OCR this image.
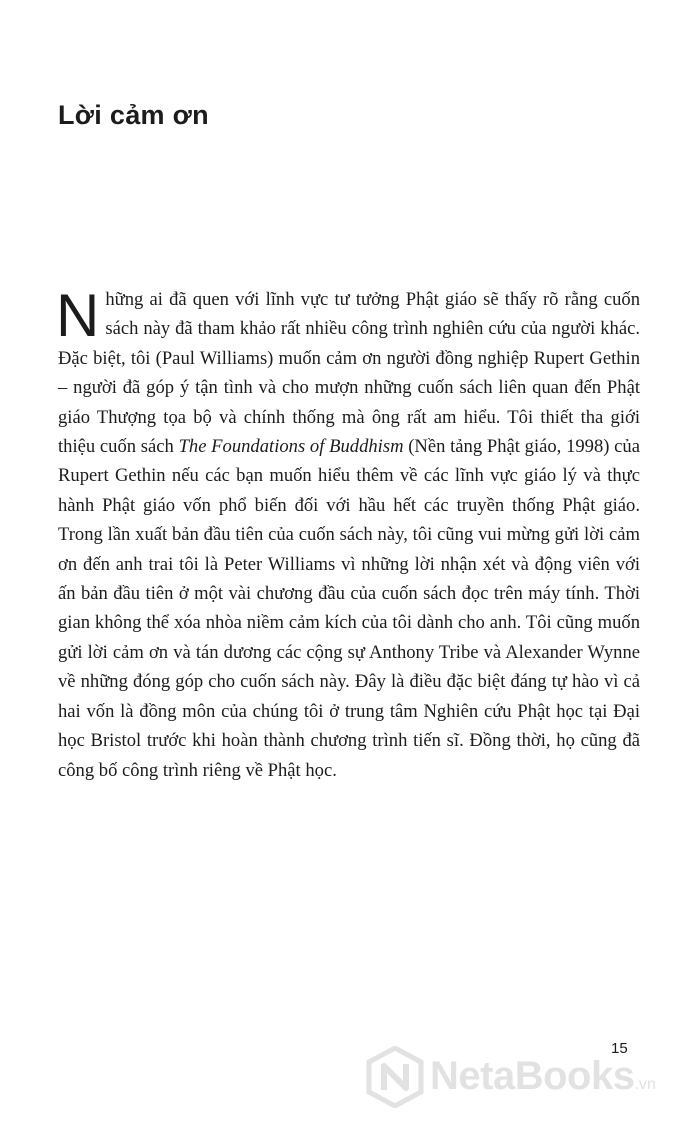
Lời cảm ơn

Những ai đã quen với lĩnh vực tư tưởng Phật giáo sẽ thấy rõ rằng cuốn sách này đã tham khảo rất nhiều công trình nghiên cứu của người khác. Đặc biệt, tôi (Paul Williams) muốn cảm ơn người đồng nghiệp Rupert Gethin – người đã góp ý tận tình và cho mượn những cuốn sách liên quan đến Phật giáo Thượng tọa bộ và chính thống mà ông rất am hiểu. Tôi thiết tha giới thiệu cuốn sách The Foundations of Buddhism (Nền tảng Phật giáo, 1998) của Rupert Gethin nếu các bạn muốn hiểu thêm về các lĩnh vực giáo lý và thực hành Phật giáo vốn phổ biến đối với hầu hết các truyền thống Phật giáo. Trong lần xuất bản đầu tiên của cuốn sách này, tôi cũng vui mừng gửi lời cảm ơn đến anh trai tôi là Peter Williams vì những lời nhận xét và động viên với ấn bản đầu tiên ở một vài chương đầu của cuốn sách đọc trên máy tính. Thời gian không thể xóa nhòa niềm cảm kích của tôi dành cho anh. Tôi cũng muốn gửi lời cảm ơn và tán dương các cộng sự Anthony Tribe và Alexander Wynne về những đóng góp cho cuốn sách này. Đây là điều đặc biệt đáng tự hào vì cả hai vốn là đồng môn của chúng tôi ở trung tâm Nghiên cứu Phật học tại Đại học Bristol trước khi hoàn thành chương trình tiến sĩ. Đồng thời, họ cũng đã công bố công trình riêng về Phật học.

15
NetaBooks.vn
